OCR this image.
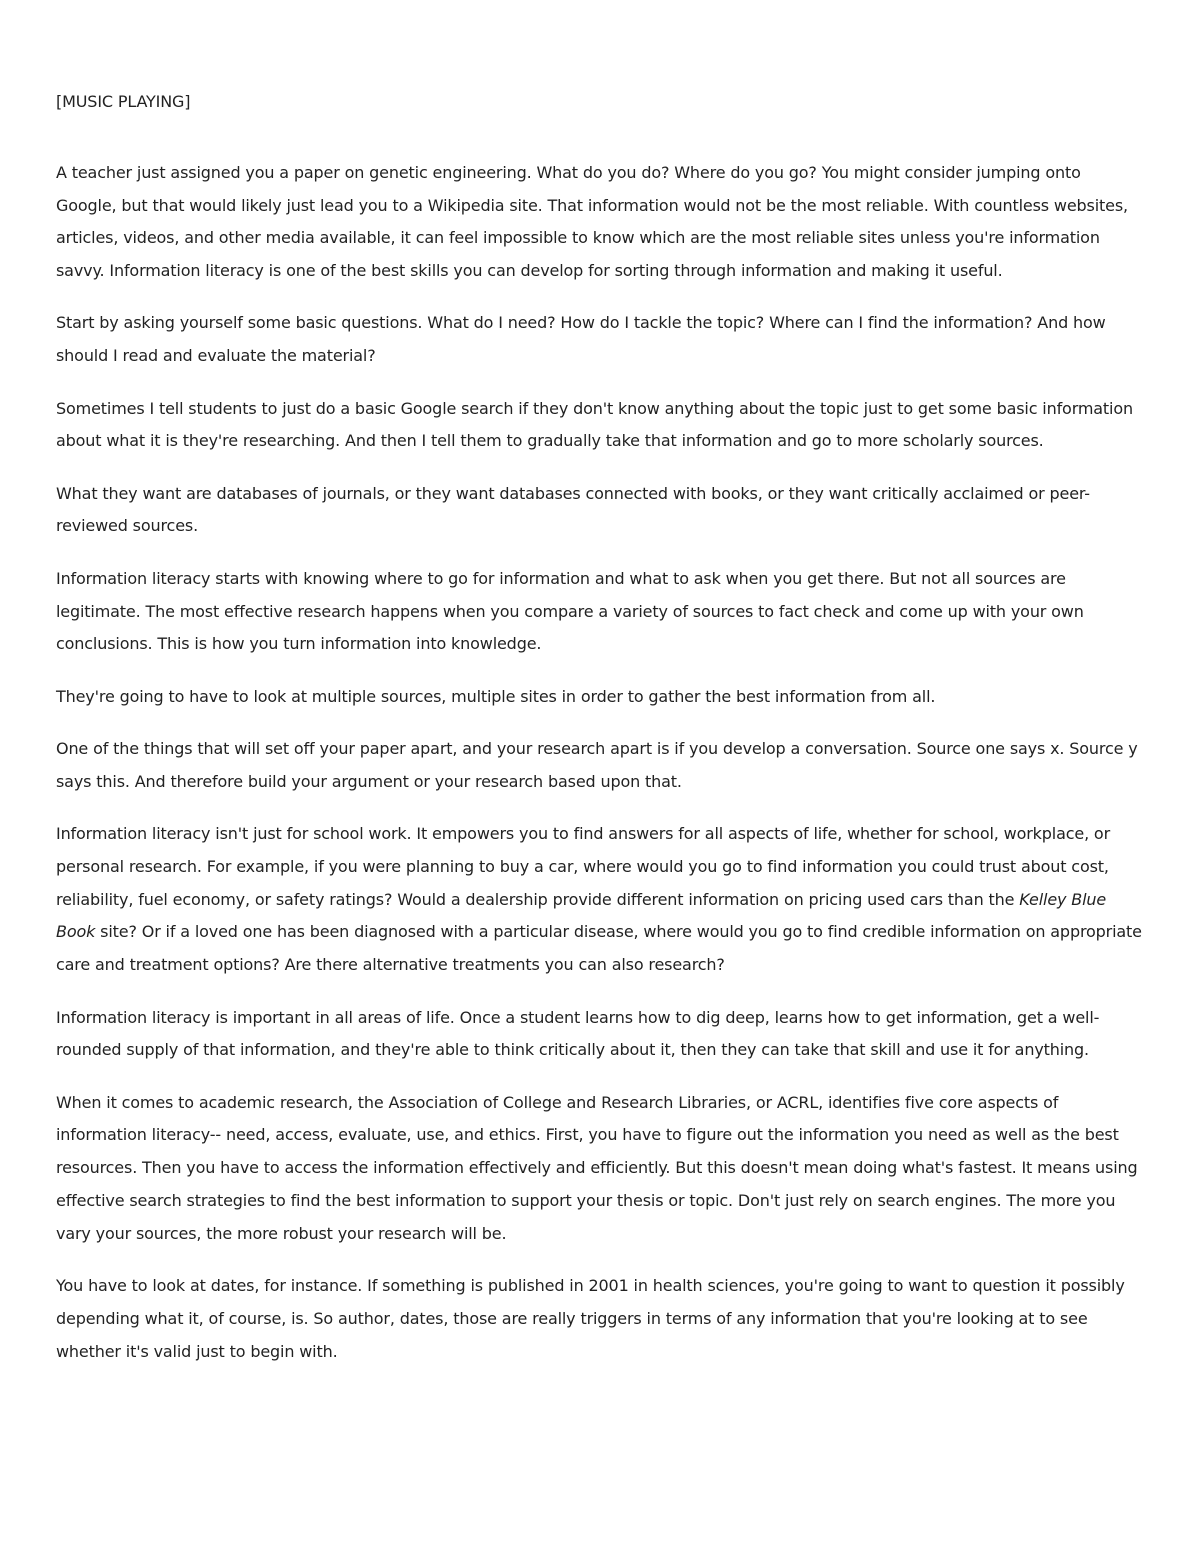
[MUSIC PLAYING]

A teacher just assigned you a paper on genetic engineering. What do you do? Where do you go? You might consider jumping onto Google, but that would likely just lead you to a Wikipedia site. That information would not be the most reliable. With countless websites, articles, videos, and other media available, it can feel impossible to know which are the most reliable sites unless you're information savvy. Information literacy is one of the best skills you can develop for sorting through information and making it useful.

Start by asking yourself some basic questions. What do I need? How do I tackle the topic? Where can I find the information? And how should I read and evaluate the material?

Sometimes I tell students to just do a basic Google search if they don't know anything about the topic just to get some basic information about what it is they're researching. And then I tell them to gradually take that information and go to more scholarly sources.

What they want are databases of journals, or they want databases connected with books, or they want critically acclaimed or peer-reviewed sources.

Information literacy starts with knowing where to go for information and what to ask when you get there. But not all sources are legitimate. The most effective research happens when you compare a variety of sources to fact check and come up with your own conclusions. This is how you turn information into knowledge.

They're going to have to look at multiple sources, multiple sites in order to gather the best information from all.

One of the things that will set off your paper apart, and your research apart is if you develop a conversation. Source one says x. Source y says this. And therefore build your argument or your research based upon that.

Information literacy isn't just for school work. It empowers you to find answers for all aspects of life, whether for school, workplace, or personal research. For example, if you were planning to buy a car, where would you go to find information you could trust about cost, reliability, fuel economy, or safety ratings? Would a dealership provide different information on pricing used cars than the Kelley Blue Book site? Or if a loved one has been diagnosed with a particular disease, where would you go to find credible information on appropriate care and treatment options? Are there alternative treatments you can also research?

Information literacy is important in all areas of life. Once a student learns how to dig deep, learns how to get information, get a well-rounded supply of that information, and they're able to think critically about it, then they can take that skill and use it for anything.

When it comes to academic research, the Association of College and Research Libraries, or ACRL, identifies five core aspects of information literacy-- need, access, evaluate, use, and ethics. First, you have to figure out the information you need as well as the best resources. Then you have to access the information effectively and efficiently. But this doesn't mean doing what's fastest. It means using effective search strategies to find the best information to support your thesis or topic. Don't just rely on search engines. The more you vary your sources, the more robust your research will be.

You have to look at dates, for instance. If something is published in 2001 in health sciences, you're going to want to question it possibly depending what it, of course, is. So author, dates, those are really triggers in terms of any information that you're looking at to see whether it's valid just to begin with.
